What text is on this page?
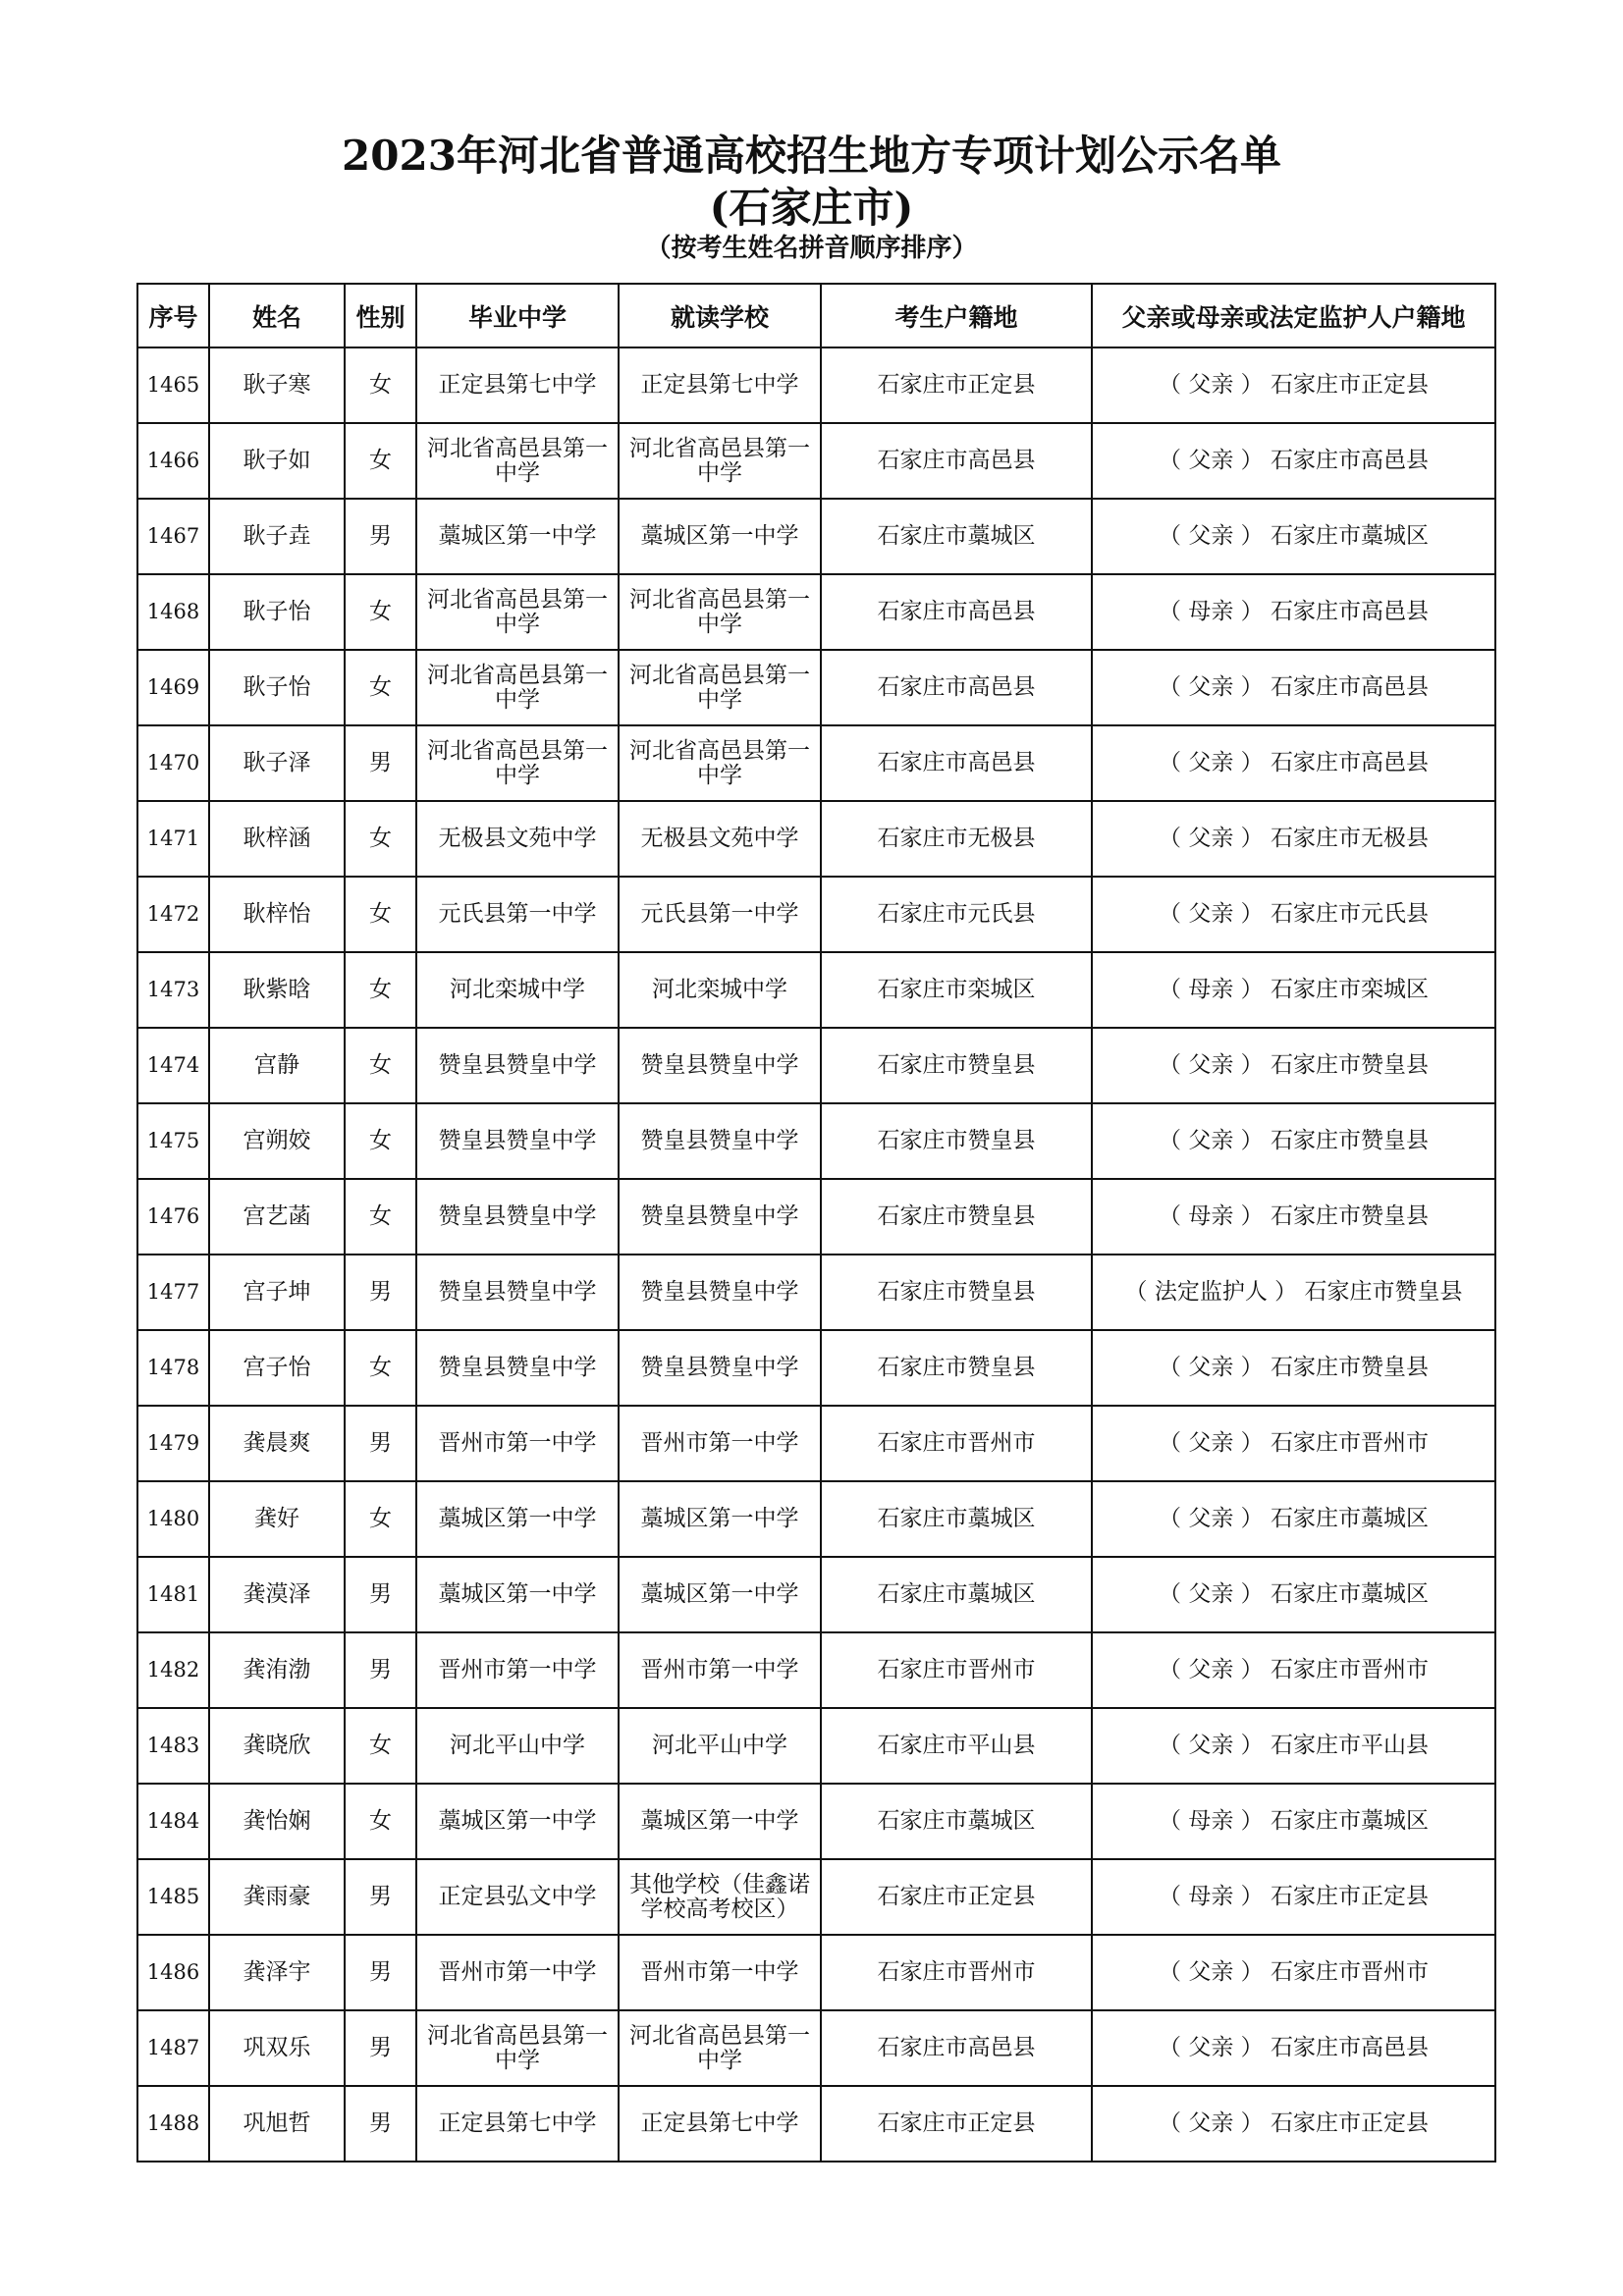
2023年河北省普通高校招生地方专项计划公示名单
(石家庄市)
（按考生姓名拼音顺序排序）
序号	姓名	性别	毕业中学	就读学校	考生户籍地	父亲或母亲或法定监护人户籍地
1465	耿子寒	女	正定县第七中学	正定县第七中学	石家庄市正定县	（ 父亲 ） 石家庄市正定县
1466	耿子如	女	河北省高邑县第一中学	河北省高邑县第一中学	石家庄市高邑县	（ 父亲 ） 石家庄市高邑县
1467	耿子垚	男	藁城区第一中学	藁城区第一中学	石家庄市藁城区	（ 父亲 ） 石家庄市藁城区
1468	耿子怡	女	河北省高邑县第一中学	河北省高邑县第一中学	石家庄市高邑县	（ 母亲 ） 石家庄市高邑县
1469	耿子怡	女	河北省高邑县第一中学	河北省高邑县第一中学	石家庄市高邑县	（ 父亲 ） 石家庄市高邑县
1470	耿子泽	男	河北省高邑县第一中学	河北省高邑县第一中学	石家庄市高邑县	（ 父亲 ） 石家庄市高邑县
1471	耿梓涵	女	无极县文苑中学	无极县文苑中学	石家庄市无极县	（ 父亲 ） 石家庄市无极县
1472	耿梓怡	女	元氏县第一中学	元氏县第一中学	石家庄市元氏县	（ 父亲 ） 石家庄市元氏县
1473	耿紫晗	女	河北栾城中学	河北栾城中学	石家庄市栾城区	（ 母亲 ） 石家庄市栾城区
1474	宫静	女	赞皇县赞皇中学	赞皇县赞皇中学	石家庄市赞皇县	（ 父亲 ） 石家庄市赞皇县
1475	宫朔姣	女	赞皇县赞皇中学	赞皇县赞皇中学	石家庄市赞皇县	（ 父亲 ） 石家庄市赞皇县
1476	宫艺菡	女	赞皇县赞皇中学	赞皇县赞皇中学	石家庄市赞皇县	（ 母亲 ） 石家庄市赞皇县
1477	宫子坤	男	赞皇县赞皇中学	赞皇县赞皇中学	石家庄市赞皇县	（ 法定监护人 ） 石家庄市赞皇县
1478	宫子怡	女	赞皇县赞皇中学	赞皇县赞皇中学	石家庄市赞皇县	（ 父亲 ） 石家庄市赞皇县
1479	龚晨爽	男	晋州市第一中学	晋州市第一中学	石家庄市晋州市	（ 父亲 ） 石家庄市晋州市
1480	龚好	女	藁城区第一中学	藁城区第一中学	石家庄市藁城区	（ 父亲 ） 石家庄市藁城区
1481	龚漠泽	男	藁城区第一中学	藁城区第一中学	石家庄市藁城区	（ 父亲 ） 石家庄市藁城区
1482	龚洧渤	男	晋州市第一中学	晋州市第一中学	石家庄市晋州市	（ 父亲 ） 石家庄市晋州市
1483	龚晓欣	女	河北平山中学	河北平山中学	石家庄市平山县	（ 父亲 ） 石家庄市平山县
1484	龚怡娴	女	藁城区第一中学	藁城区第一中学	石家庄市藁城区	（ 母亲 ） 石家庄市藁城区
1485	龚雨豪	男	正定县弘文中学	其他学校（佳鑫诺学校高考校区）	石家庄市正定县	（ 母亲 ） 石家庄市正定县
1486	龚泽宇	男	晋州市第一中学	晋州市第一中学	石家庄市晋州市	（ 父亲 ） 石家庄市晋州市
1487	巩双乐	男	河北省高邑县第一中学	河北省高邑县第一中学	石家庄市高邑县	（ 父亲 ） 石家庄市高邑县
1488	巩旭哲	男	正定县第七中学	正定县第七中学	石家庄市正定县	（ 父亲 ） 石家庄市正定县
